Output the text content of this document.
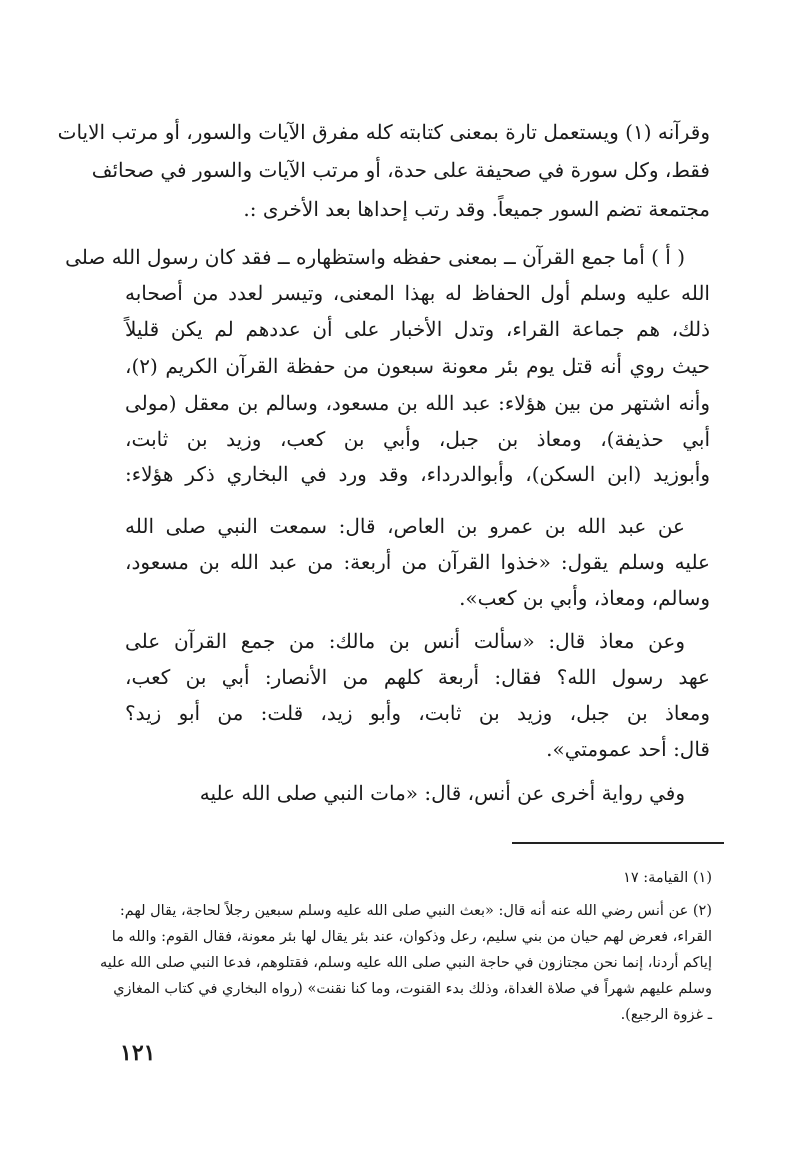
وقرآنه (١) ويستعمل تارة بمعنى كتابته كله مفرق الآيات والسور، أو مرتب الايات
فقط، وكل سورة في صحيفة على حدة، أو مرتب الآيات والسور في صحائف
مجتمعة تضم السور جميعاً. وقد رتب إحداها بعد الأخرى :.
( أ ) أما جمع القرآن ــ بمعنى حفظه واستظهاره ــ فقد كان رسول الله صلى
الله عليه وسلم أول الحفاظ له بهذا المعنى، وتيسر لعدد من أصحابه
ذلك، هم جماعة القراء، وتدل الأخبار على أن عددهم لم يكن قليلاً
حيث روي أنه قتل يوم بئر معونة سبعون من حفظة القرآن الكريم (٢)،
وأنه اشتهر من بين هؤلاء: عبد الله بن مسعود، وسالم بن معقل (مولى
أبي حذيفة)، ومعاذ بن جبل، وأبي بن كعب، وزيد بن ثابت،
وأبوزيد (ابن السكن)، وأبوالدرداء، وقد ورد في البخاري ذكر هؤلاء:
عن عبد الله بن عمرو بن العاص، قال: سمعت النبي صلى الله
عليه وسلم يقول: «خذوا القرآن من أربعة: من عبد الله بن مسعود،
وسالم، ومعاذ، وأبي بن كعب».
وعن معاذ قال: «سألت أنس بن مالك: من جمع القرآن على
عهد رسول الله؟ فقال: أربعة كلهم من الأنصار: أبي بن كعب،
ومعاذ بن جبل، وزيد بن ثابت، وأبو زيد، قلت: من أبو زيد؟
قال: أحد عمومتي».
وفي رواية أخرى عن أنس، قال: «مات النبي صلى الله عليه
(١) القيامة: ١٧
(٢) عن أنس رضي الله عنه أنه قال: «بعث النبي صلى الله عليه وسلم سبعين رجلاً لحاجة، يقال لهم:
القراء، فعرض لهم حيان من بني سليم، رعل وذكوان، عند بئر يقال لها بئر معونة، فقال القوم: والله ما
إياكم أردنا، إنما نحن مجتازون في حاجة النبي صلى الله عليه وسلم، فقتلوهم، فدعا النبي صلى الله عليه
وسلم عليهم شهراً في صلاة الغداة، وذلك بدء القنوت، وما كنا نقنت» (رواه البخاري في كتاب المغازي
ـ غزوة الرجيع).
١٢١
